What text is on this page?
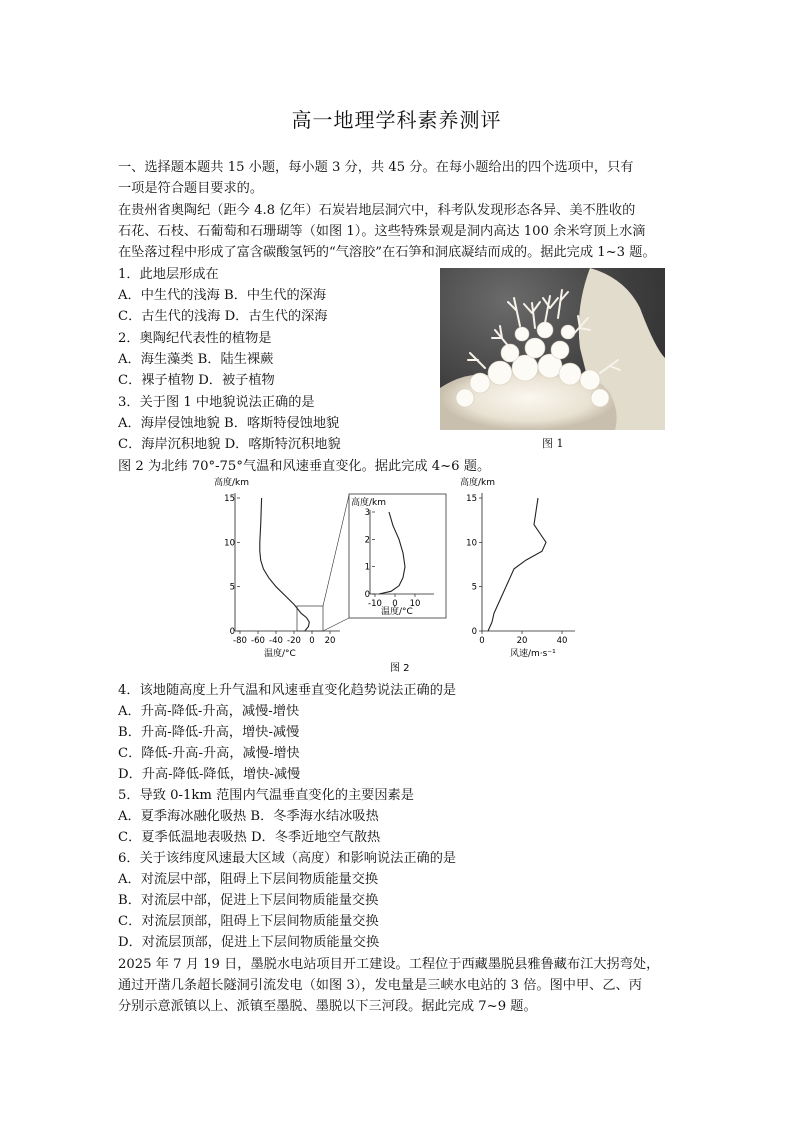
高一地理学科素养测评
一、选择题本题共 15 小题，每小题 3 分，共 45 分。在每小题给出的四个选项中，只有
一项是符合题目要求的。
在贵州省奥陶纪（距今 4.8 亿年）石炭岩地层洞穴中，科考队发现形态各异、美不胜收的
石花、石枝、石葡萄和石珊瑚等（如图 1）。这些特殊景观是洞内高达 100 余米穹顶上水滴
在坠落过程中形成了富含碳酸氢钙的“气溶胶”在石笋和洞底凝结而成的。据此完成 1~3 题。
1．此地层形成在
A．中生代的浅海 B．中生代的深海
C．古生代的浅海 D．古生代的深海
2．奥陶纪代表性的植物是
A．海生藻类 B．陆生裸蕨
C．裸子植物 D．被子植物
3．关于图 1 中地貌说法正确的是
A．海岸侵蚀地貌 B．喀斯特侵蚀地貌
C．海岸沉积地貌 D．喀斯特沉积地貌	图 1
图 2 为北纬 70°-75°气温和风速垂直变化。据此完成 4~6 题。
高度/km
温度/°C
0
5
10
15
-80 -60 -40 -20 0 20
高度/km
温度/°C
0
1
2
3
-10 0 10
高度/km
风速/m·s⁻¹
0
5
10
15
0	20	40
图 2
4．该地随高度上升气温和风速垂直变化趋势说法正确的是
A．升高-降低-升高，减慢-增快
B．升高-降低-升高，增快-减慢
C．降低-升高-升高，减慢-增快
D．升高-降低-降低，增快-减慢
5．导致 0-1km 范围内气温垂直变化的主要因素是
A．夏季海冰融化吸热 B．冬季海水结冰吸热
C．夏季低温地表吸热 D．冬季近地空气散热
6．关于该纬度风速最大区域（高度）和影响说法正确的是
A．对流层中部，阻碍上下层间物质能量交换
B．对流层中部，促进上下层间物质能量交换
C．对流层顶部，阻碍上下层间物质能量交换
D．对流层顶部，促进上下层间物质能量交换
2025 年 7 月 19 日，墨脱水电站项目开工建设。工程位于西藏墨脱县雅鲁藏布江大拐弯处，
通过开凿几条超长隧洞引流发电（如图 3），发电量是三峡水电站的 3 倍。图中甲、乙、丙
分别示意派镇以上、派镇至墨脱、墨脱以下三河段。据此完成 7~9 题。
